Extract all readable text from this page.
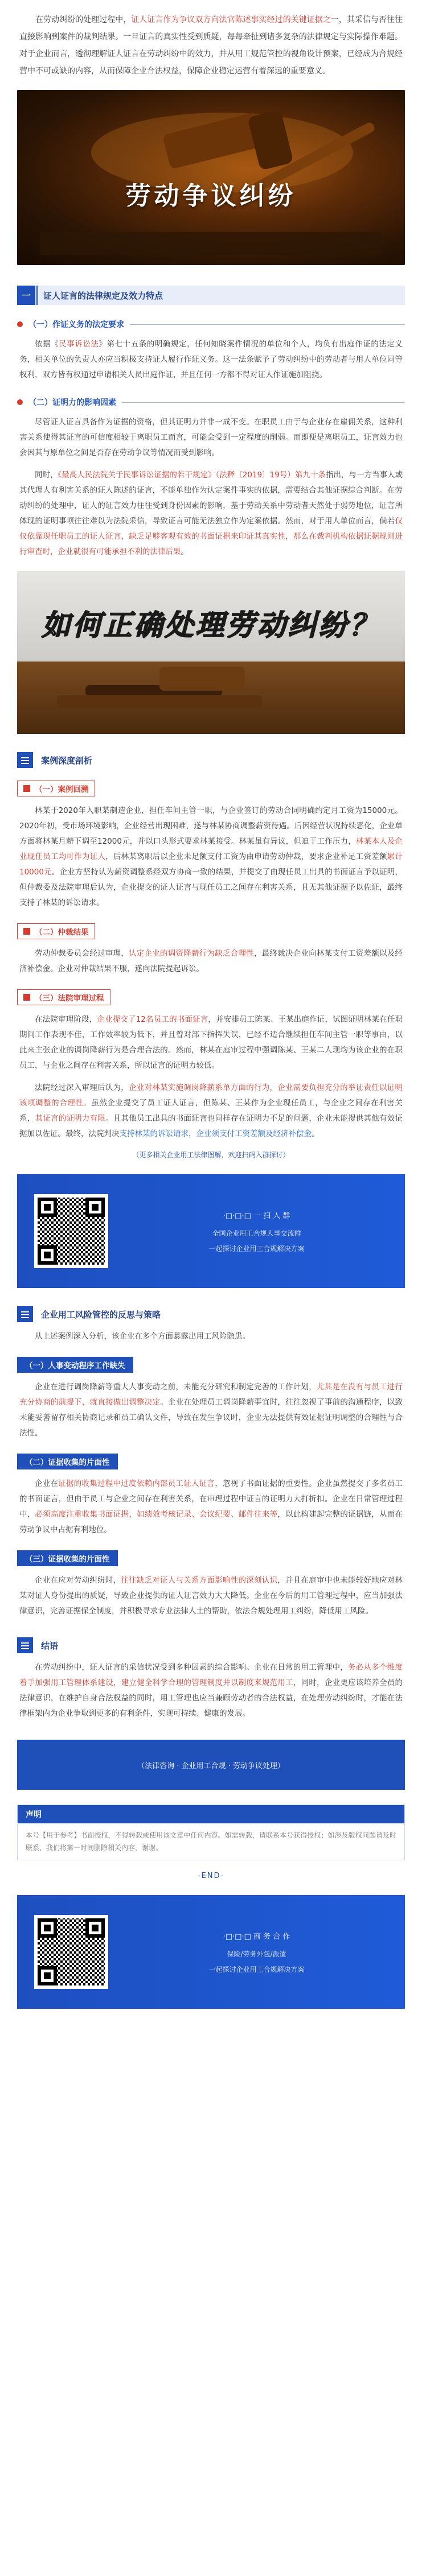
在劳动纠纷的处理过程中，证人证言作为争议双方向法官陈述事实经过的关键证据之一，其采信与否往往直接影响到案件的裁判结果。一旦证言的真实性受到质疑，每每牵扯到诸多复杂的法律规定与实际操作难题。对于企业而言，透彻理解证人证言在劳动纠纷中的效力，并从用工规范管控的视角设计预案，已经成为合规经营中不可或缺的内容，从而保障企业合法权益，保障企业稳定运营有着深远的重要意义。

劳动争议纠纷
一	证人证言的法律规定及效力特点
（一）作证义务的法定要求

依据《民事诉讼法》第七十五条的明确规定，任何知晓案件情况的单位和个人，均负有出庭作证的法定义务，相关单位的负责人亦应当积极支持证人履行作证义务。这一法条赋予了劳动纠纷中的劳动者与用人单位同等权利，双方皆有权通过申请相关人员出庭作证，并且任何一方都不得对证人作证施加阻挠。

（二）证明力的影响因素

尽管证人证言具备作为证据的资格，但其证明力并非一成不变。在职员工由于与企业存在雇佣关系，这种利害关系使得其证言的可信度相较于离职员工而言，可能会受到一定程度的削弱。而即便是离职员工，证言效力也会因其与原单位之间是否存在劳动争议等情况而受到影响。

同时，《最高人民法院关于民事诉讼证据的若干规定》（法释〔2019〕19号）第九十条指出，与一方当事人或其代理人有利害关系的证人陈述的证言，不能单独作为认定案件事实的依据，需要结合其他证据综合判断。在劳动纠纷的处理中，证人的证言效力往往受到身份因素的影响，基于劳动关系中劳动者天然处于弱势地位，证言所体现的证明事项往往难以为法院采信，导致证言可能无法独立作为定案依据。然而，对于用人单位而言，倘若仅仅依靠现任职员工的证人证言，缺乏足够客观有效的书面证据来印证其真实性，那么在裁判机构依据证据规则进行审查时，企业就很有可能承担不利的法律后果。

如何正确处理劳动纠纷？
案例深度剖析
（一）案例回溯

林某于2020年入职某制造企业，担任车间主管一职，与企业签订的劳动合同明确约定月工资为15000元。2020年初，受市场环境影响，企业经营出现困难，遂与林某协商调整薪资待遇。后因经营状况持续恶化，企业单方面将林某月薪下调至12000元，并以口头形式要求林某接受。林某虽有异议，但迫于工作压力，林某本人及企业现任员工均可作为证人，后林某离职后以企业未足额支付工资为由申请劳动仲裁，要求企业补足工资差额累计10000元。企业方坚持认为薪资调整系经双方协商一致的结果，并提交了由现任员工出具的书面证言予以证明，但仲裁委及法院审理后认为，企业提交的证人证言与现任员工之间存在利害关系，且无其他证据予以佐证，最终支持了林某的诉讼请求。

（二）仲裁结果

劳动仲裁委员会经过审理，认定企业的调资降薪行为缺乏合理性，最终裁决企业向林某支付工资差额以及经济补偿金。企业对仲裁结果不服，遂向法院提起诉讼。

（三）法院审理过程

在法院审理阶段，企业提交了12名员工的书面证言，并安排员工陈某、王某出庭作证，试图证明林某在任职期间工作表现不佳，工作效率较为低下，并且曾对部下指挥失误，已经不适合继续担任车间主管一职等事由，以此来主张企业的调岗降薪行为是合理合法的。然而，林某在庭审过程中强调陈某、王某二人现均为该企业的在职员工，与企业之间存在利害关系，所以证言的证明力较低。

法院经过深入审理后认为，企业对林某实施调岗降薪系单方面的行为，企业需要负担充分的举证责任以证明该项调整的合理性。虽然企业提交了员工证人证言，但陈某、王某作为企业现任员工，与企业之间存在利害关系，其证言的证明力有限。且其他员工出具的书面证言也同样存在证明力不足的问题，企业未能提供其他有效证据加以佐证。最终，法院判决支持林某的诉讼请求，企业须支付工资差额及经济补偿金。

（更多相关企业用工法律图解，欢迎扫码入群探讨）
·□·□·□ 一 扫 入 群
全国企业用工合规人事交流群
一起探讨企业用工合规解决方案
企业用工风险管控的反思与策略

从上述案例深入分析，该企业在多个方面暴露出用工风险隐患。

（一）人事变动程序工作缺失

企业在进行调岗降薪等重大人事变动之前，未能充分研究和制定完善的工作计划，尤其是在没有与员工进行充分协商的前提下，就直接做出调整决定。企业在处理员工调岗降薪事宜时，往往忽视了事前的沟通程序，以致未能妥善留存相关协商记录和员工确认文件，导致在发生争议时，企业无法提供有效证据证明调整的合理性与合法性。

（二）证据收集的片面性

企业在证据的收集过程中过度依赖内部员工证人证言，忽视了书面证据的重要性。企业虽然提交了多名员工的书面证言，但由于员工与企业之间存在利害关系，在审理过程中证言的证明力大打折扣。企业在日常管理过程中，必须高度注重收集书面证据，如绩效考核记录、会议纪要、邮件往来等，以此构建起完整的证据链，从而在劳动争议中占据有利地位。

（三）证据收集的片面性

企业在应对劳动纠纷时，往往缺乏对证人与关系方面影响性的深刻认识，并且在庭审中也未能较好地应对林某对证人身份提出的质疑，导致企业提供的证人证言效力大大降低。企业在今后的用工管理过程中，应当加强法律意识，完善证据保全制度，并积极寻求专业法律人士的帮助，依法合规处理用工纠纷，降低用工风险。

结语

在劳动纠纷中，证人证言的采信状况受到多种因素的综合影响。企业在日常的用工管理中，务必从多个维度着手加强用工管理体系建设，建立健全科学合理的管理制度并以制度来规范用工，同时，企业更应该培养全员的法律意识，在维护自身合法权益的同时，用工管理也应当兼顾劳动者的合法权益，在处理劳动纠纷时，才能在法律框架内为企业争取到更多的有利条件，实现可持续、健康的发展。

（法律咨询 · 企业用工合规 · 劳动争议处理）
声明
本号【用于参考】书面授权，不得转载或使用该文章中任何内容。如需转载，请联系本号获得授权；如涉及版权问题请及时联系，我们将第一时间删除相关内容，谢谢。
-END-
·□·□·□ 商 务 合 作
保险/劳务外包/派遣
一起探讨企业用工合规解决方案
